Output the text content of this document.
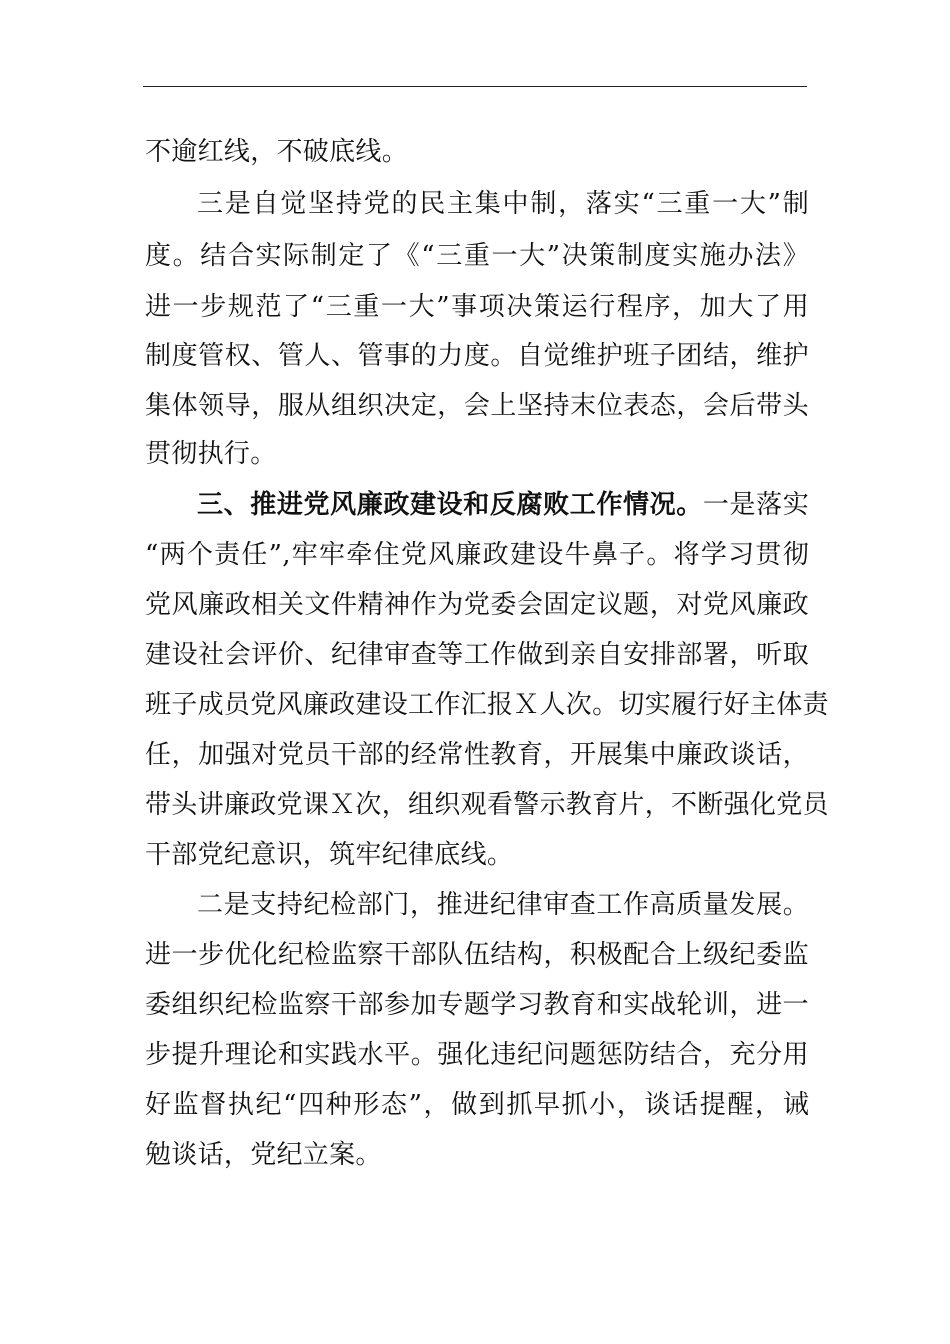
不逾红线，不破底线。
三是自觉坚持党的民主集中制，落实“三重一大”制
度。结合实际制定了《“三重一大”决策制度实施办法》
进一步规范了“三重一大”事项决策运行程序，加大了用
制度管权、管人、管事的力度。自觉维护班子团结，维护
集体领导，服从组织决定，会上坚持末位表态，会后带头
贯彻执行。
三、推进党风廉政建设和反腐败工作情况。一是落实
“两个责任”,牢牢牵住党风廉政建设牛鼻子。将学习贯彻
党风廉政相关文件精神作为党委会固定议题，对党风廉政
建设社会评价、纪律审查等工作做到亲自安排部署，听取
班子成员党风廉政建设工作汇报Ｘ人次。切实履行好主体责
任，加强对党员干部的经常性教育，开展集中廉政谈话，
带头讲廉政党课Ｘ次，组织观看警示教育片，不断强化党员
干部党纪意识，筑牢纪律底线。
二是支持纪检部门，推进纪律审查工作高质量发展。
进一步优化纪检监察干部队伍结构，积极配合上级纪委监
委组织纪检监察干部参加专题学习教育和实战轮训，进一
步提升理论和实践水平。强化违纪问题惩防结合，充分用
好监督执纪“四种形态”，做到抓早抓小，谈话提醒，诫
勉谈话，党纪立案。
